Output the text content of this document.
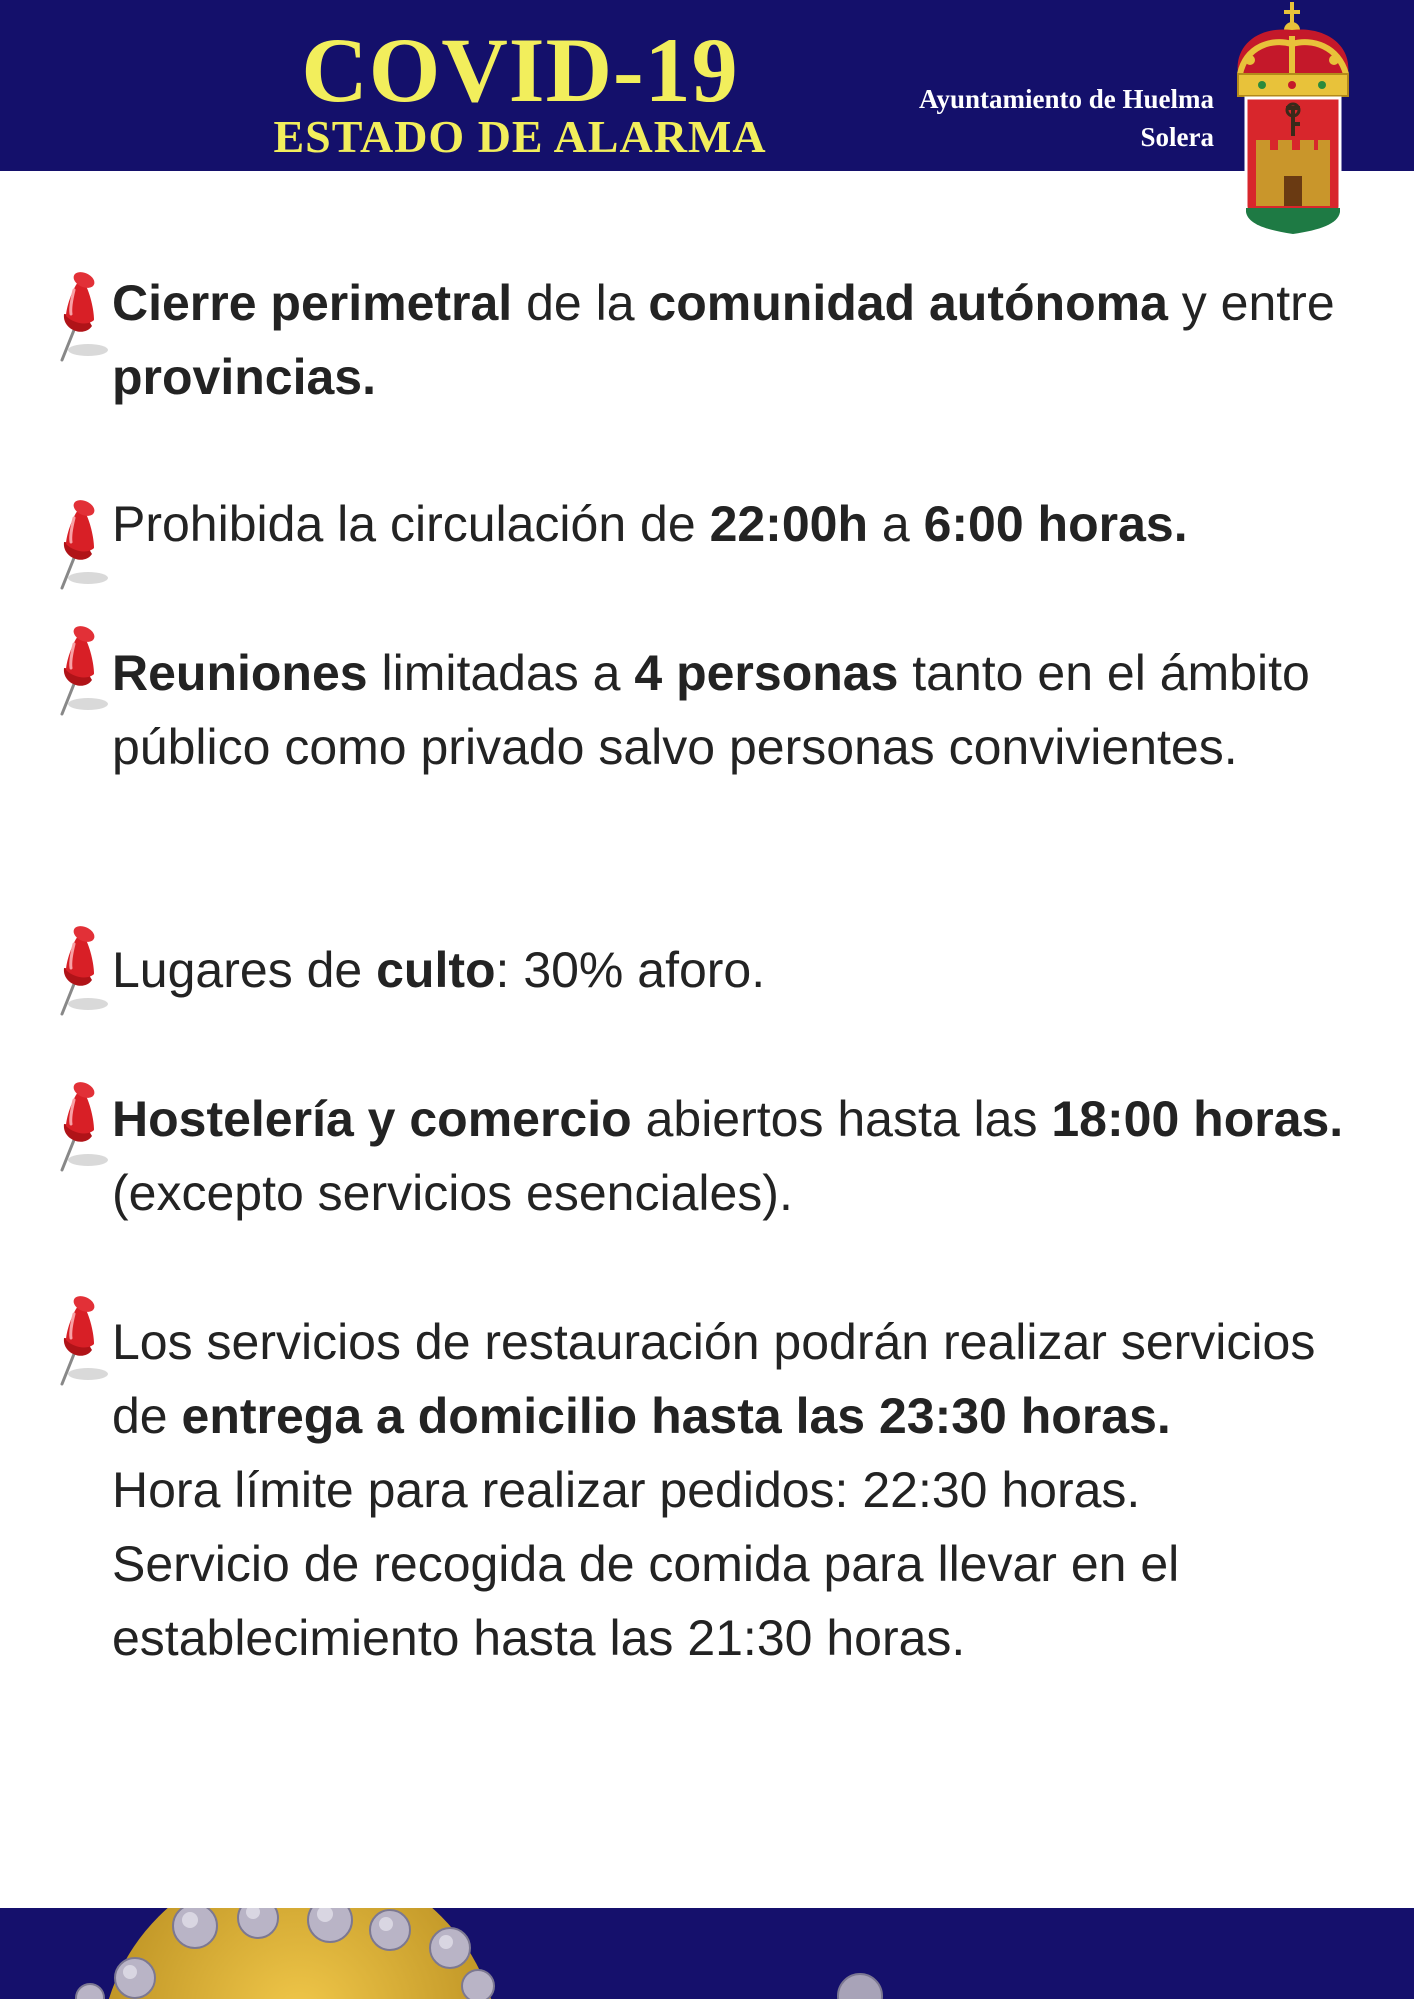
COVID-19
ESTADO DE ALARMA
Ayuntamiento de Huelma
Solera
Cierre perimetral de la comunidad autónoma y entre provincias.
Prohibida la circulación de 22:00h a 6:00 horas.
Reuniones limitadas a 4 personas tanto en el ámbito público como privado salvo personas convivientes.
Lugares de culto: 30% aforo.
Hostelería y comercio abiertos hasta las 18:00 horas.(excepto servicios esenciales).
Los servicios de restauración podrán realizar servicios de entrega a domicilio hasta las 23:30 horas.
Hora límite para realizar pedidos: 22:30 horas.
Servicio de recogida de comida para llevar en el establecimiento hasta las 21:30 horas.
